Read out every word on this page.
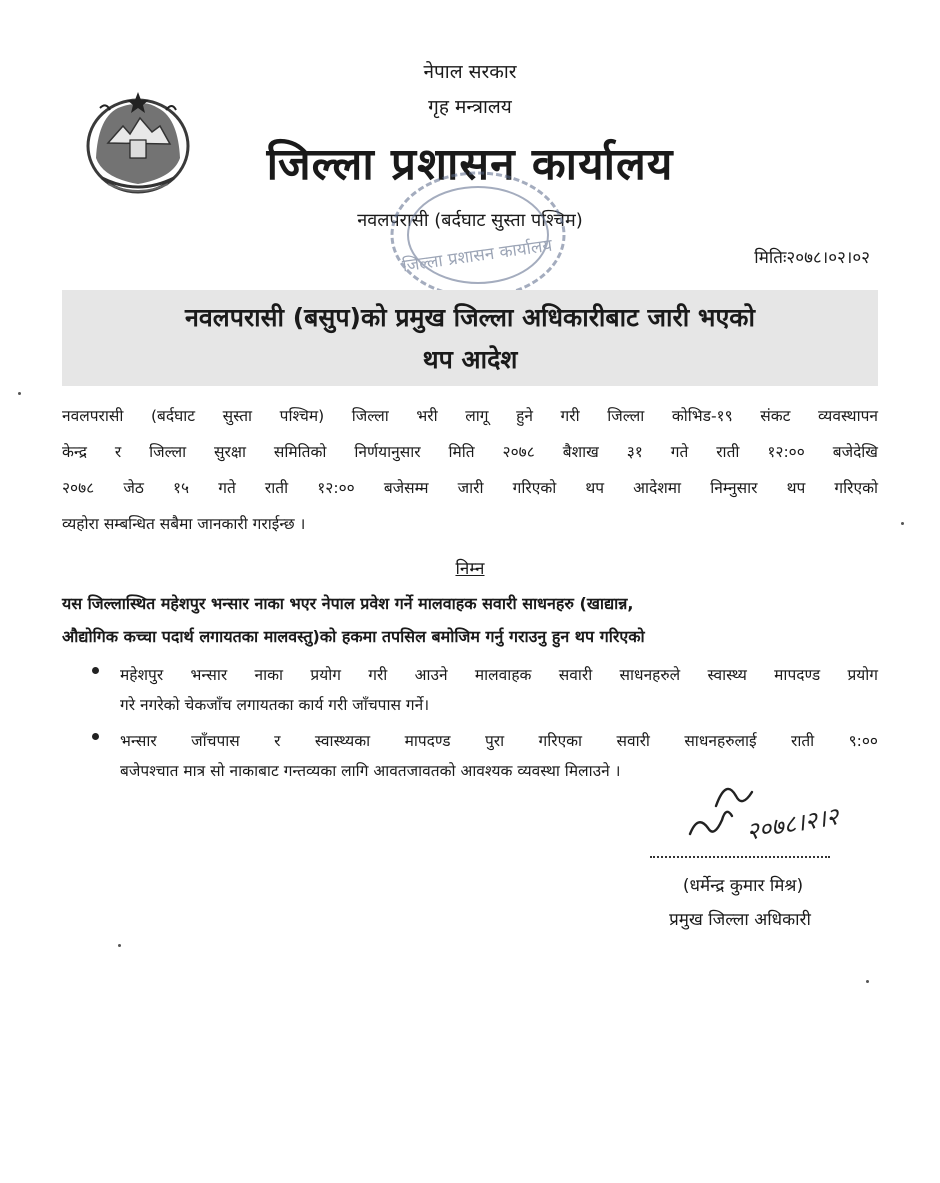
नेपाल सरकार
गृह मन्त्रालय
जिल्ला प्रशासन कार्यालय
नवलपरासी (बर्दघाट सुस्ता पश्चिम)
जिल्ला प्रशासन कार्यालय	मितिः२०७८।०२।०२
नवलपरासी (बसुप)को प्रमुख जिल्ला अधिकारीबाट जारी भएको
थप आदेश
नवलपरासी (बर्दघाट सुस्ता पश्चिम) जिल्ला भरी लागू हुने गरी जिल्ला कोभिड-१९ संकट व्यवस्थापन
केन्द्र र जिल्ला सुरक्षा समितिको निर्णयानुसार मिति २०७८ बैशाख ३१ गते राती १२:०० बजेदेखि
२०७८ जेठ १५ गते राती १२:०० बजेसम्म जारी गरिएको थप आदेशमा निम्नुसार थप गरिएको
व्यहोरा सम्बन्धित सबैमा जानकारी गराईन्छ ।
निम्न
यस जिल्लास्थित महेशपुर भन्सार नाका भएर नेपाल प्रवेश गर्ने मालवाहक सवारी साधनहरु (खाद्यान्न,
औद्योगिक कच्चा पदार्थ लगायतका मालवस्तु)को हकमा तपसिल बमोजिम गर्नु गराउनु हुन थप गरिएको
महेशपुर भन्सार नाका प्रयोग गरी आउने मालवाहक सवारी साधनहरुले स्वास्थ्य मापदण्ड प्रयोग
गरे नगरेको चेकजाँच लगायतका कार्य गरी जाँचपास गर्ने।
भन्सार जाँचपास र स्वास्थ्यका मापदण्ड पुरा गरिएका सवारी साधनहरुलाई राती ९:००
बजेपश्चात मात्र सो नाकाबाट गन्तव्यका लागि आवतजावतको आवश्यक व्यवस्था मिलाउने ।
२०७८।२।२
(धर्मेन्द्र कुमार मिश्र)
प्रमुख जिल्ला अधिकारी
